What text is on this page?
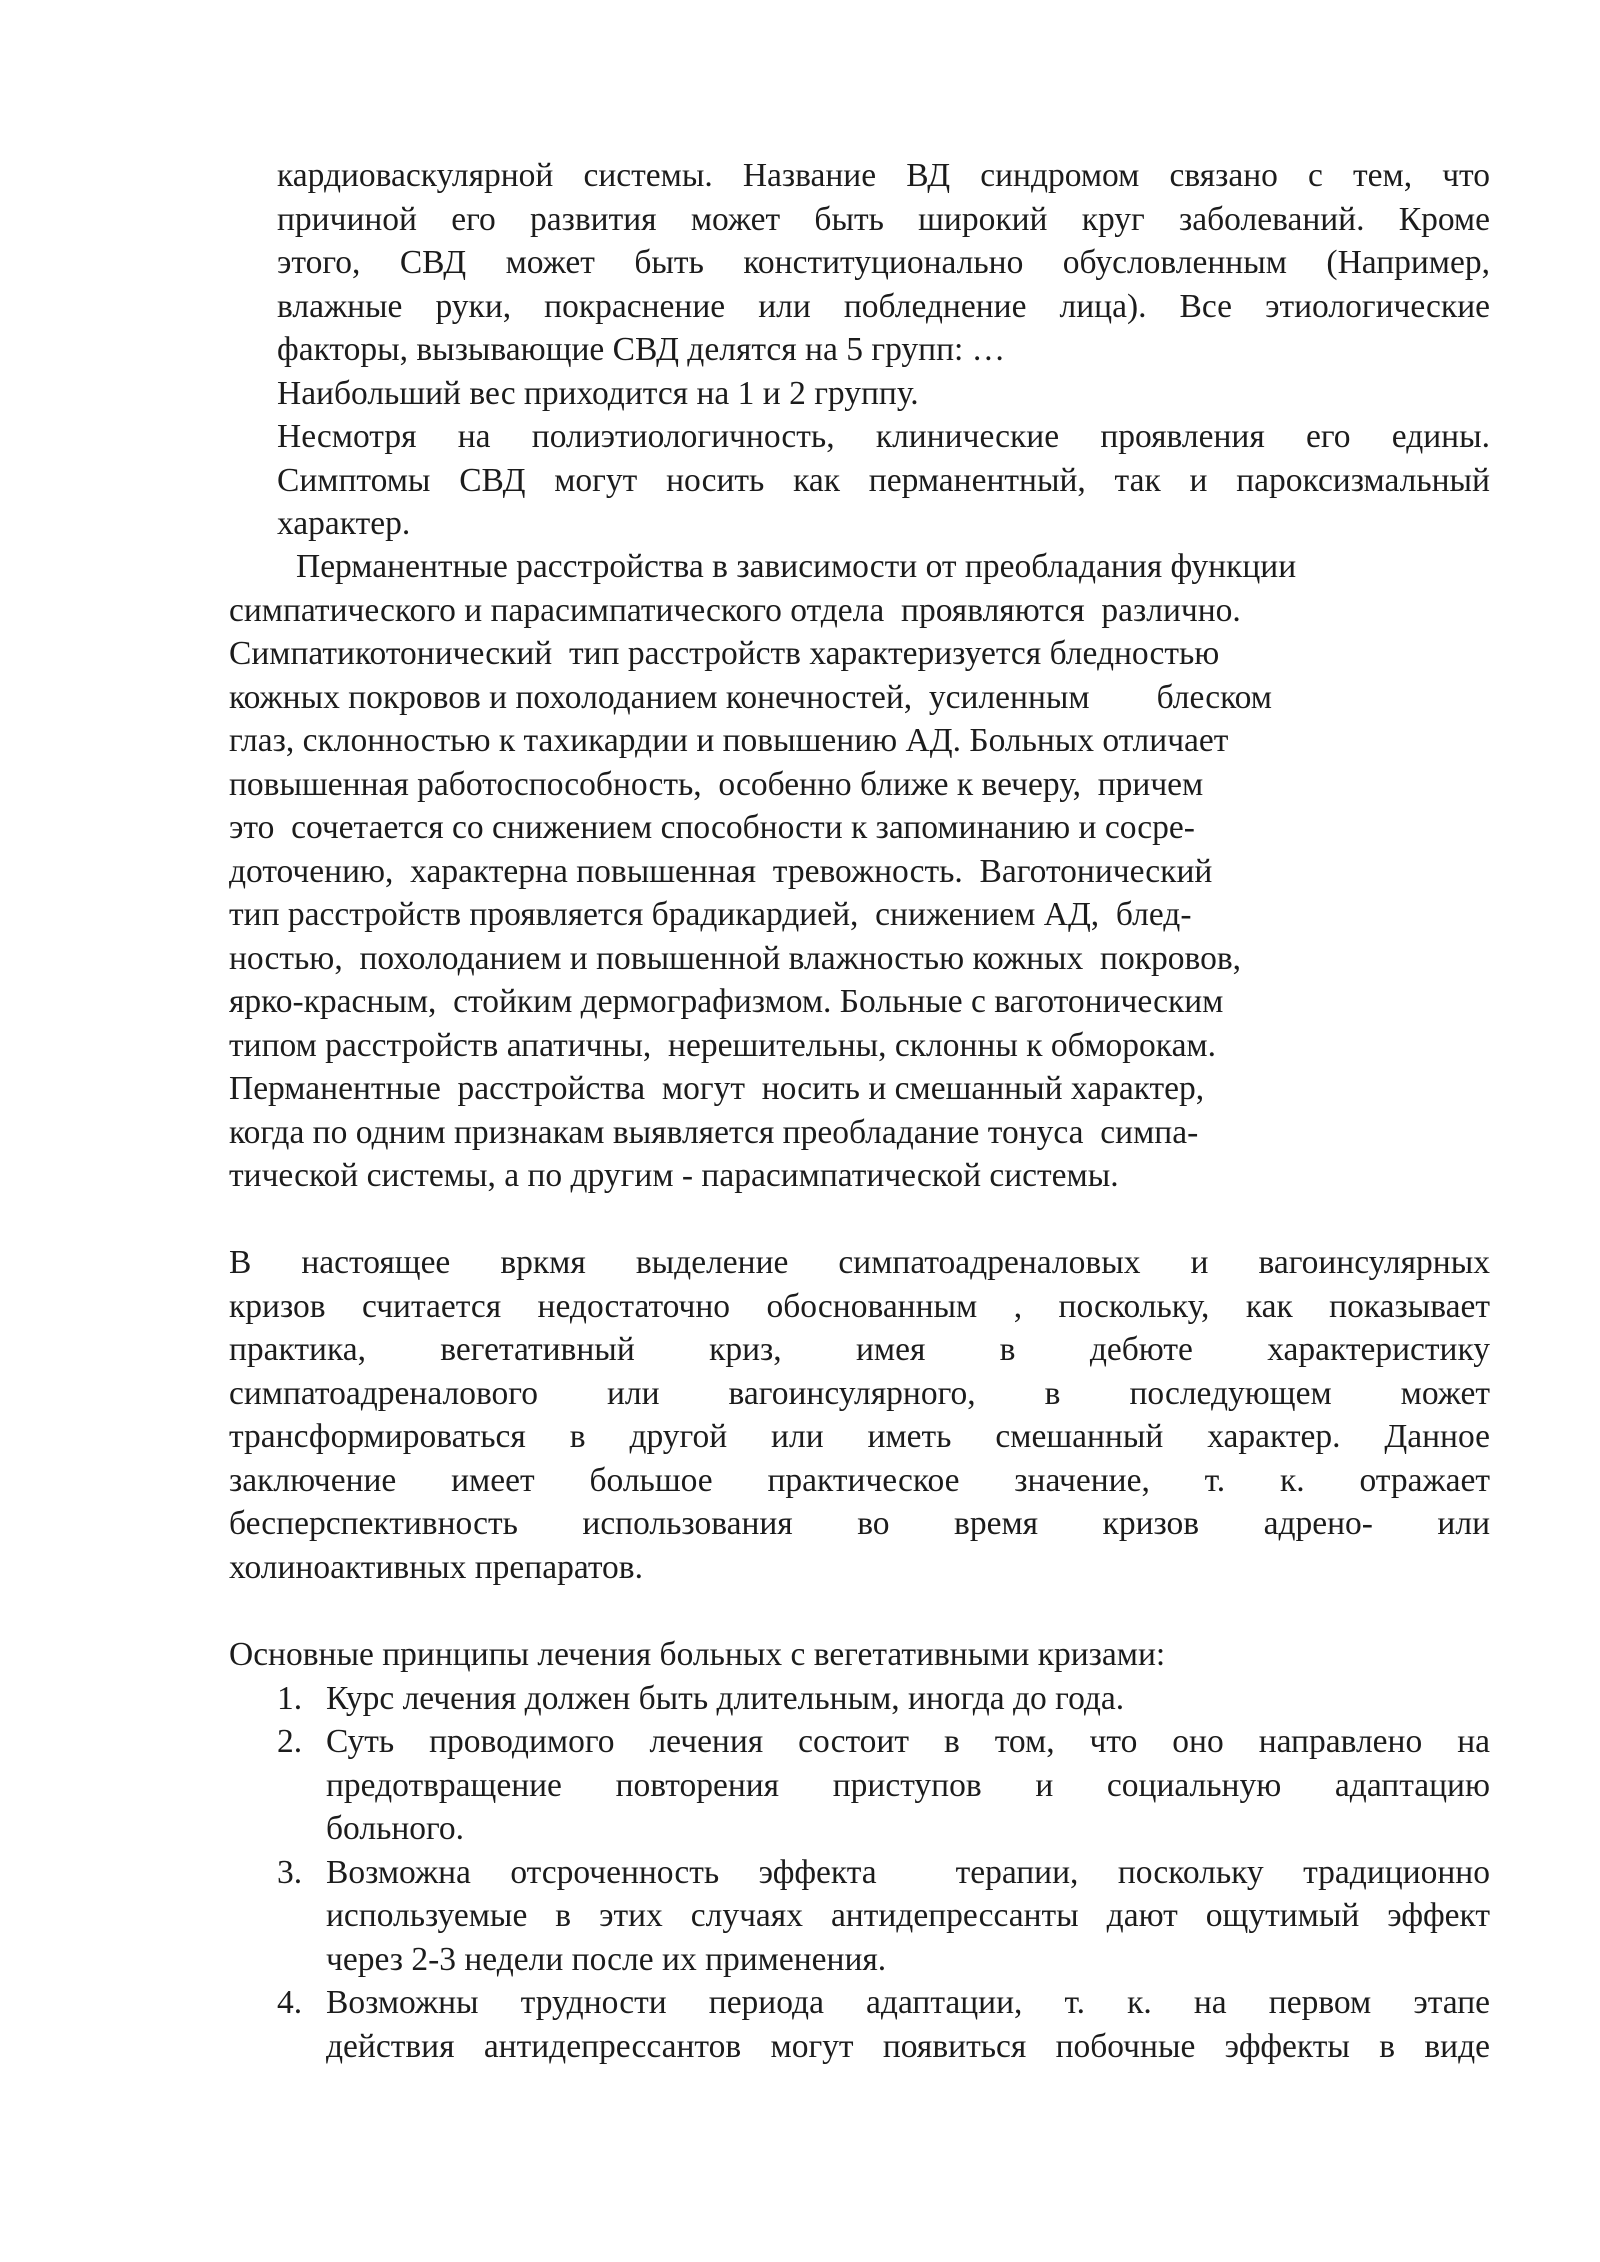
кардиоваскулярной системы. Название ВД синдромом связано с тем, что

причиной его развития может быть широкий круг заболеваний. Кроме

этого, СВД может быть конституционально обусловленным (Например,

влажные руки, покраснение или побледнение лица). Все этиологические

факторы, вызывающие СВД делятся на 5 групп: …

Наибольший вес приходится на 1 и 2 группу.

Несмотря на полиэтиологичность, клинические проявления его едины.

Симптомы СВД могут носить как перманентный, так и пароксизмальный

характер.

Перманентные расстройства в зависимости от преобладания функции

симпатического и парасимпатического отдела  проявляются  различно.

Симпатикотонический  тип расстройств характеризуется бледностью

кожных покровов и похолоданием конечностей,  усиленным        блеском

глаз, склонностью к тахикардии и повышению АД. Больных отличает

повышенная работоспособность,  особенно ближе к вечеру,  причем

это  сочетается со снижением способности к запоминанию и сосре-

доточению,  характерна повышенная  тревожность.  Ваготонический

тип расстройств проявляется брадикардией,  снижением АД,  блед-

ностью,  похолоданием и повышенной влажностью кожных  покровов,

ярко-красным,  стойким дермографизмом. Больные с ваготоническим

типом расстройств апатичны,  нерешительны, склонны к обморокам.

Перманентные  расстройства  могут  носить и смешанный характер,

когда по одним признакам выявляется преобладание тонуса  симпа-

тической системы, а по другим - парасимпатической системы.

В настоящее вркмя выделение симпатоадреналовых и вагоинсулярных

кризов считается недостаточно обоснованным , поскольку, как показывает

практика, вегетативный криз, имея в дебюте характеристику

симпатоадреналового или вагоинсулярного, в последующем может

трансформироваться в другой или иметь смешанный характер. Данное

заключение имеет большое практическое значение, т. к. отражает

бесперспективность использования во время кризов адрено- или

холиноактивных препаратов.

Основные принципы лечения больных с вегетативными кризами:

1. Курс лечения должен быть длительным, иногда до года.

2. Суть проводимого лечения состоит в том, что оно направлено на

предотвращение повторения приступов и социальную адаптацию

больного.

3. Возможна отсроченность эффекта  терапии, поскольку традиционно

используемые в этих случаях антидепрессанты дают ощутимый эффект

через 2-3 недели после их применения.

4. Возможны трудности периода адаптации, т. к. на первом этапе

действия антидепрессантов могут появиться побочные эффекты в виде
